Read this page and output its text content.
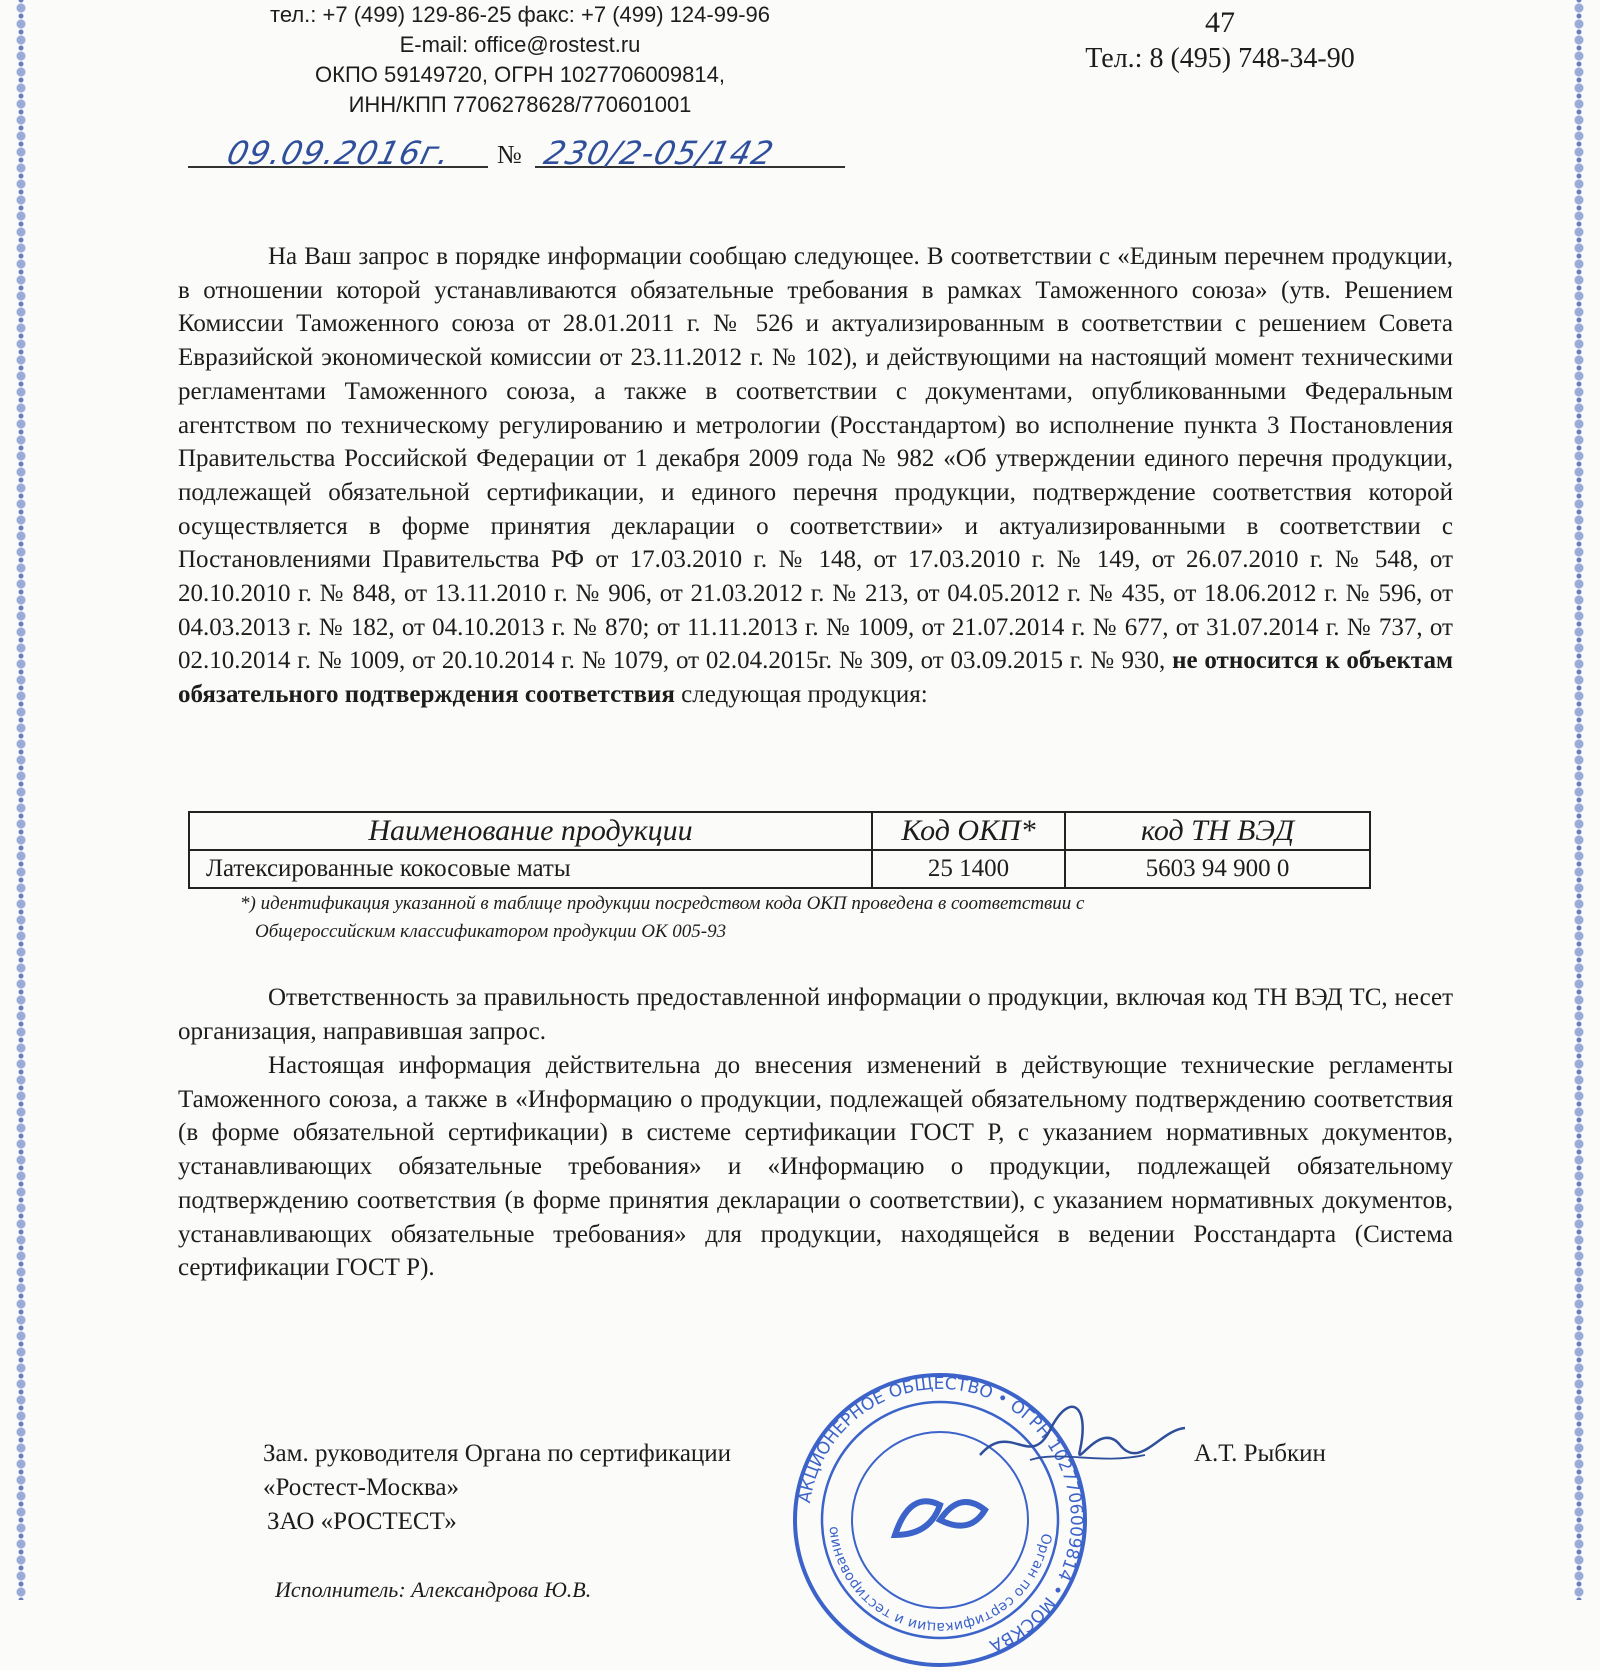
тел.: +7 (499) 129-86-25 факс: +7 (499) 124-99-96
E-mail: office@rostest.ru
ОКПО 59149720, ОГРН 1027706009814,
ИНН/КПП 7706278628/770601001
47
Тел.: 8 (495) 748-34-90
09.09.2016г. № 230/2-05/142
На Ваш запрос в порядке информации сообщаю следующее. В соответствии с «Единым перечнем продукции, в отношении которой устанавливаются обязательные требования в рамках Таможенного союза» (утв. Решением Комиссии Таможенного союза от 28.01.2011 г. № 526 и актуализированным в соответствии с решением Совета Евразийской экономической комиссии от 23.11.2012 г. № 102), и действующими на настоящий момент техническими регламентами Таможенного союза, а также в соответствии с документами, опубликованными Федеральным агентством по техническому регулированию и метрологии (Росстандартом) во исполнение пункта 3 Постановления Правительства Российской Федерации от 1 декабря 2009 года № 982 «Об утверждении единого перечня продукции, подлежащей обязательной сертификации, и единого перечня продукции, подтверждение соответствия которой осуществляется в форме принятия декларации о соответствии» и актуализированными в соответствии с Постановлениями Правительства РФ от 17.03.2010 г. № 148, от 17.03.2010 г. № 149, от 26.07.2010 г. № 548, от 20.10.2010 г. № 848, от 13.11.2010 г. № 906, от 21.03.2012 г. № 213, от 04.05.2012 г. № 435, от 18.06.2012 г. № 596, от 04.03.2013 г. № 182, от 04.10.2013 г. № 870; от 11.11.2013 г. № 1009, от 21.07.2014 г. № 677, от 31.07.2014 г. № 737, от 02.10.2014 г. № 1009, от 20.10.2014 г. № 1079, от 02.04.2015г. № 309, от 03.09.2015 г. № 930, не относится к объектам обязательного подтверждения соответствия следующая продукция:
Наименование продукции	Код ОКП*	код ТН ВЭД
Латексированные кокосовые маты	25 1400	5603 94 900 0
*) идентификация указанной в таблице продукции посредством кода ОКП проведена в соответствии с
Общероссийским классификатором продукции ОК 005-93
Ответственность за правильность предоставленной информации о продукции, включая код ТН ВЭД ТС, несет организация, направившая запрос.
Настоящая информация действительна до внесения изменений в действующие технические регламенты Таможенного союза, а также в «Информацию о продукции, подлежащей обязательному подтверждению соответствия (в форме обязательной сертификации) в системе сертификации ГОСТ Р, с указанием нормативных документов, устанавливающих обязательные требования» и «Информацию о продукции, подлежащей обязательному подтверждению соответствия (в форме принятия декларации о соответствии), с указанием нормативных документов, устанавливающих обязательные требования» для продукции, находящейся в ведении Росстандарта (Система сертификации ГОСТ Р).
АКЦИОНЕРНОЕ ОБЩЕСТВО • ОГРН 1027706009814 • МОСКВА
Орган по сертификации и тестированию
Зам. руководителя Органа по сертификации
«Ростест-Москва»
ЗАО «РОСТЕСТ»
А.Т. Рыбкин
Исполнитель: Александрова Ю.В.
